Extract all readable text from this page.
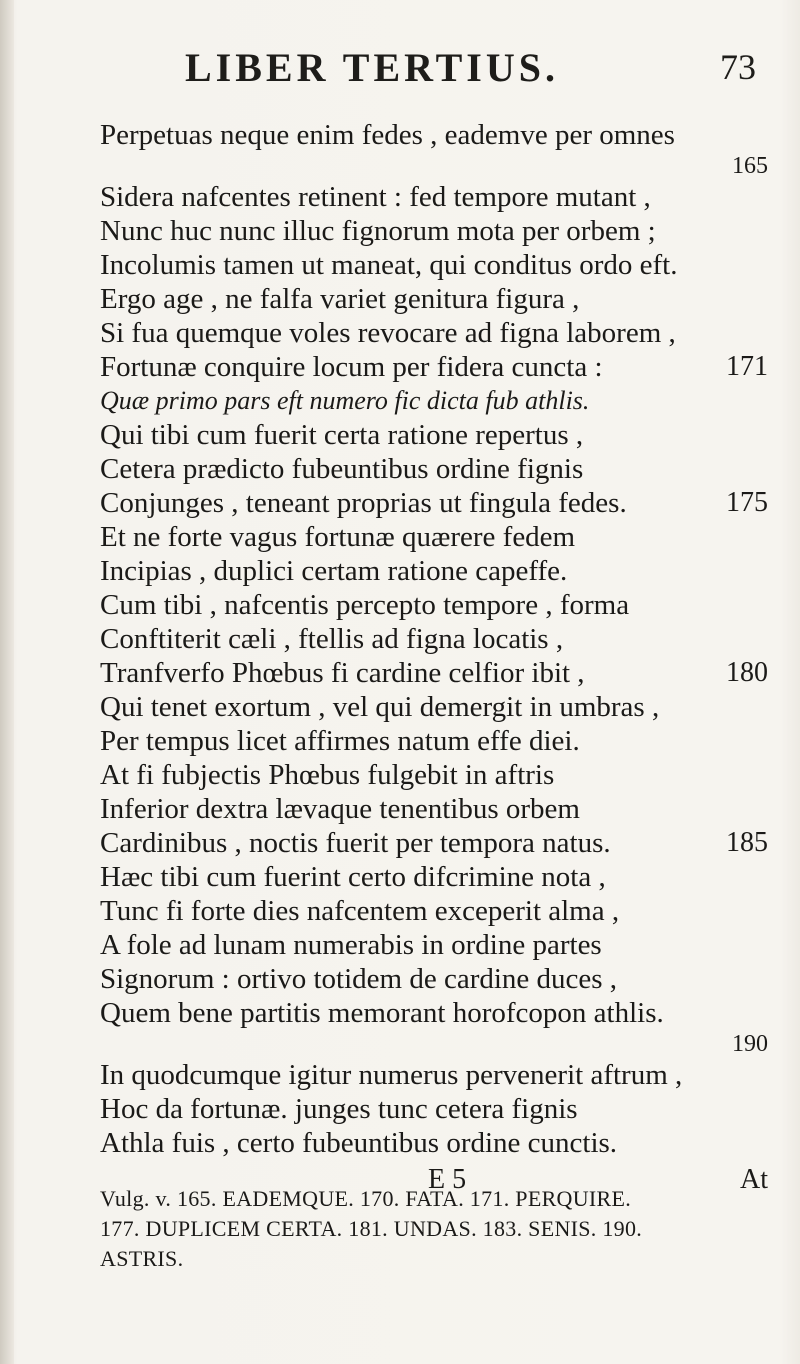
LIBER TERTIUS.	73
Perpetuas neque enim fedes , eademve per omnes
165
Sidera nafcentes retinent : fed tempore mutant ,
Nunc huc nunc illuc fignorum mota per orbem ;
Incolumis tamen ut maneat, qui conditus ordo eft.
Ergo age , ne falfa variet genitura figura ,
Si fua quemque voles revocare ad figna laborem ,
Fortunæ conquire locum per fidera cuncta :	171
Quæ primo pars eft numero fic dicta fub athlis.
Qui tibi cum fuerit certa ratione repertus ,
Cetera prædicto fubeuntibus ordine fignis
Conjunges , teneant proprias ut fingula fedes.	175
Et ne forte vagus fortunæ quærere fedem
Incipias , duplici certam ratione capeffe.
Cum tibi , nafcentis percepto tempore , forma
Conftiterit cæli , ftellis ad figna locatis ,
Tranfverfo Phœbus fi cardine celfior ibit ,	180
Qui tenet exortum , vel qui demergit in umbras ,
Per tempus licet affirmes natum effe diei.
At fi fubjectis Phœbus fulgebit in aftris
Inferior dextra lævaque tenentibus orbem
Cardinibus , noctis fuerit per tempora natus.	185
Hæc tibi cum fuerint certo difcrimine nota ,
Tunc fi forte dies nafcentem exceperit alma ,
A fole ad lunam numerabis in ordine partes
Signorum : ortivo totidem de cardine duces ,
Quem bene partitis memorant horofcopon athlis.
190
In quodcumque igitur numerus pervenerit aftrum ,
Hoc da fortunæ. junges tunc cetera fignis
Athla fuis , certo fubeuntibus ordine cunctis.
E 5	At
Vulg. v. 165. EADEMQUE. 170. FATA. 171. PERQUIRE.
177. DUPLICEM CERTA. 181. UNDAS. 183. SENIS. 190.
ASTRIS.
